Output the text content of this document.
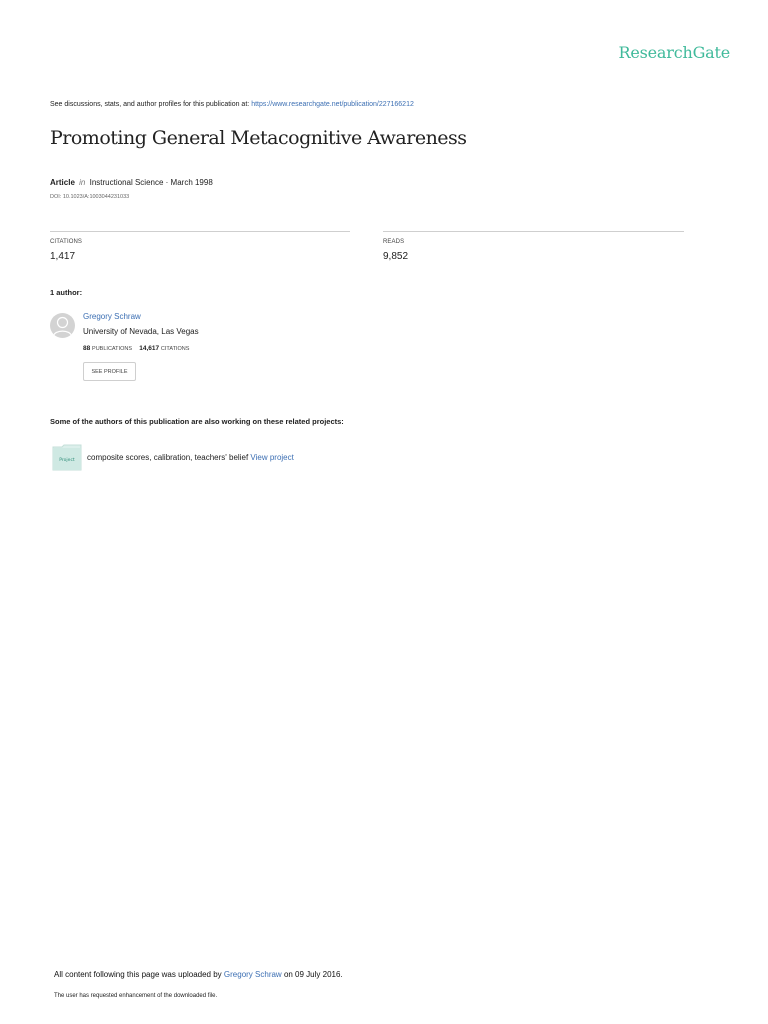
ResearchGate
See discussions, stats, and author profiles for this publication at: https://www.researchgate.net/publication/227166212
Promoting General Metacognitive Awareness
Article in Instructional Science · March 1998
DOI: 10.1023/A:1003044231033
CITATIONS
1,417
READS
9,852
1 author:
Gregory Schraw
University of Nevada, Las Vegas
88 PUBLICATIONS 14,617 CITATIONS
SEE PROFILE
Some of the authors of this publication are also working on these related projects:
Project composite scores, calibration, teachers' belief View project
All content following this page was uploaded by Gregory Schraw on 09 July 2016.
The user has requested enhancement of the downloaded file.
